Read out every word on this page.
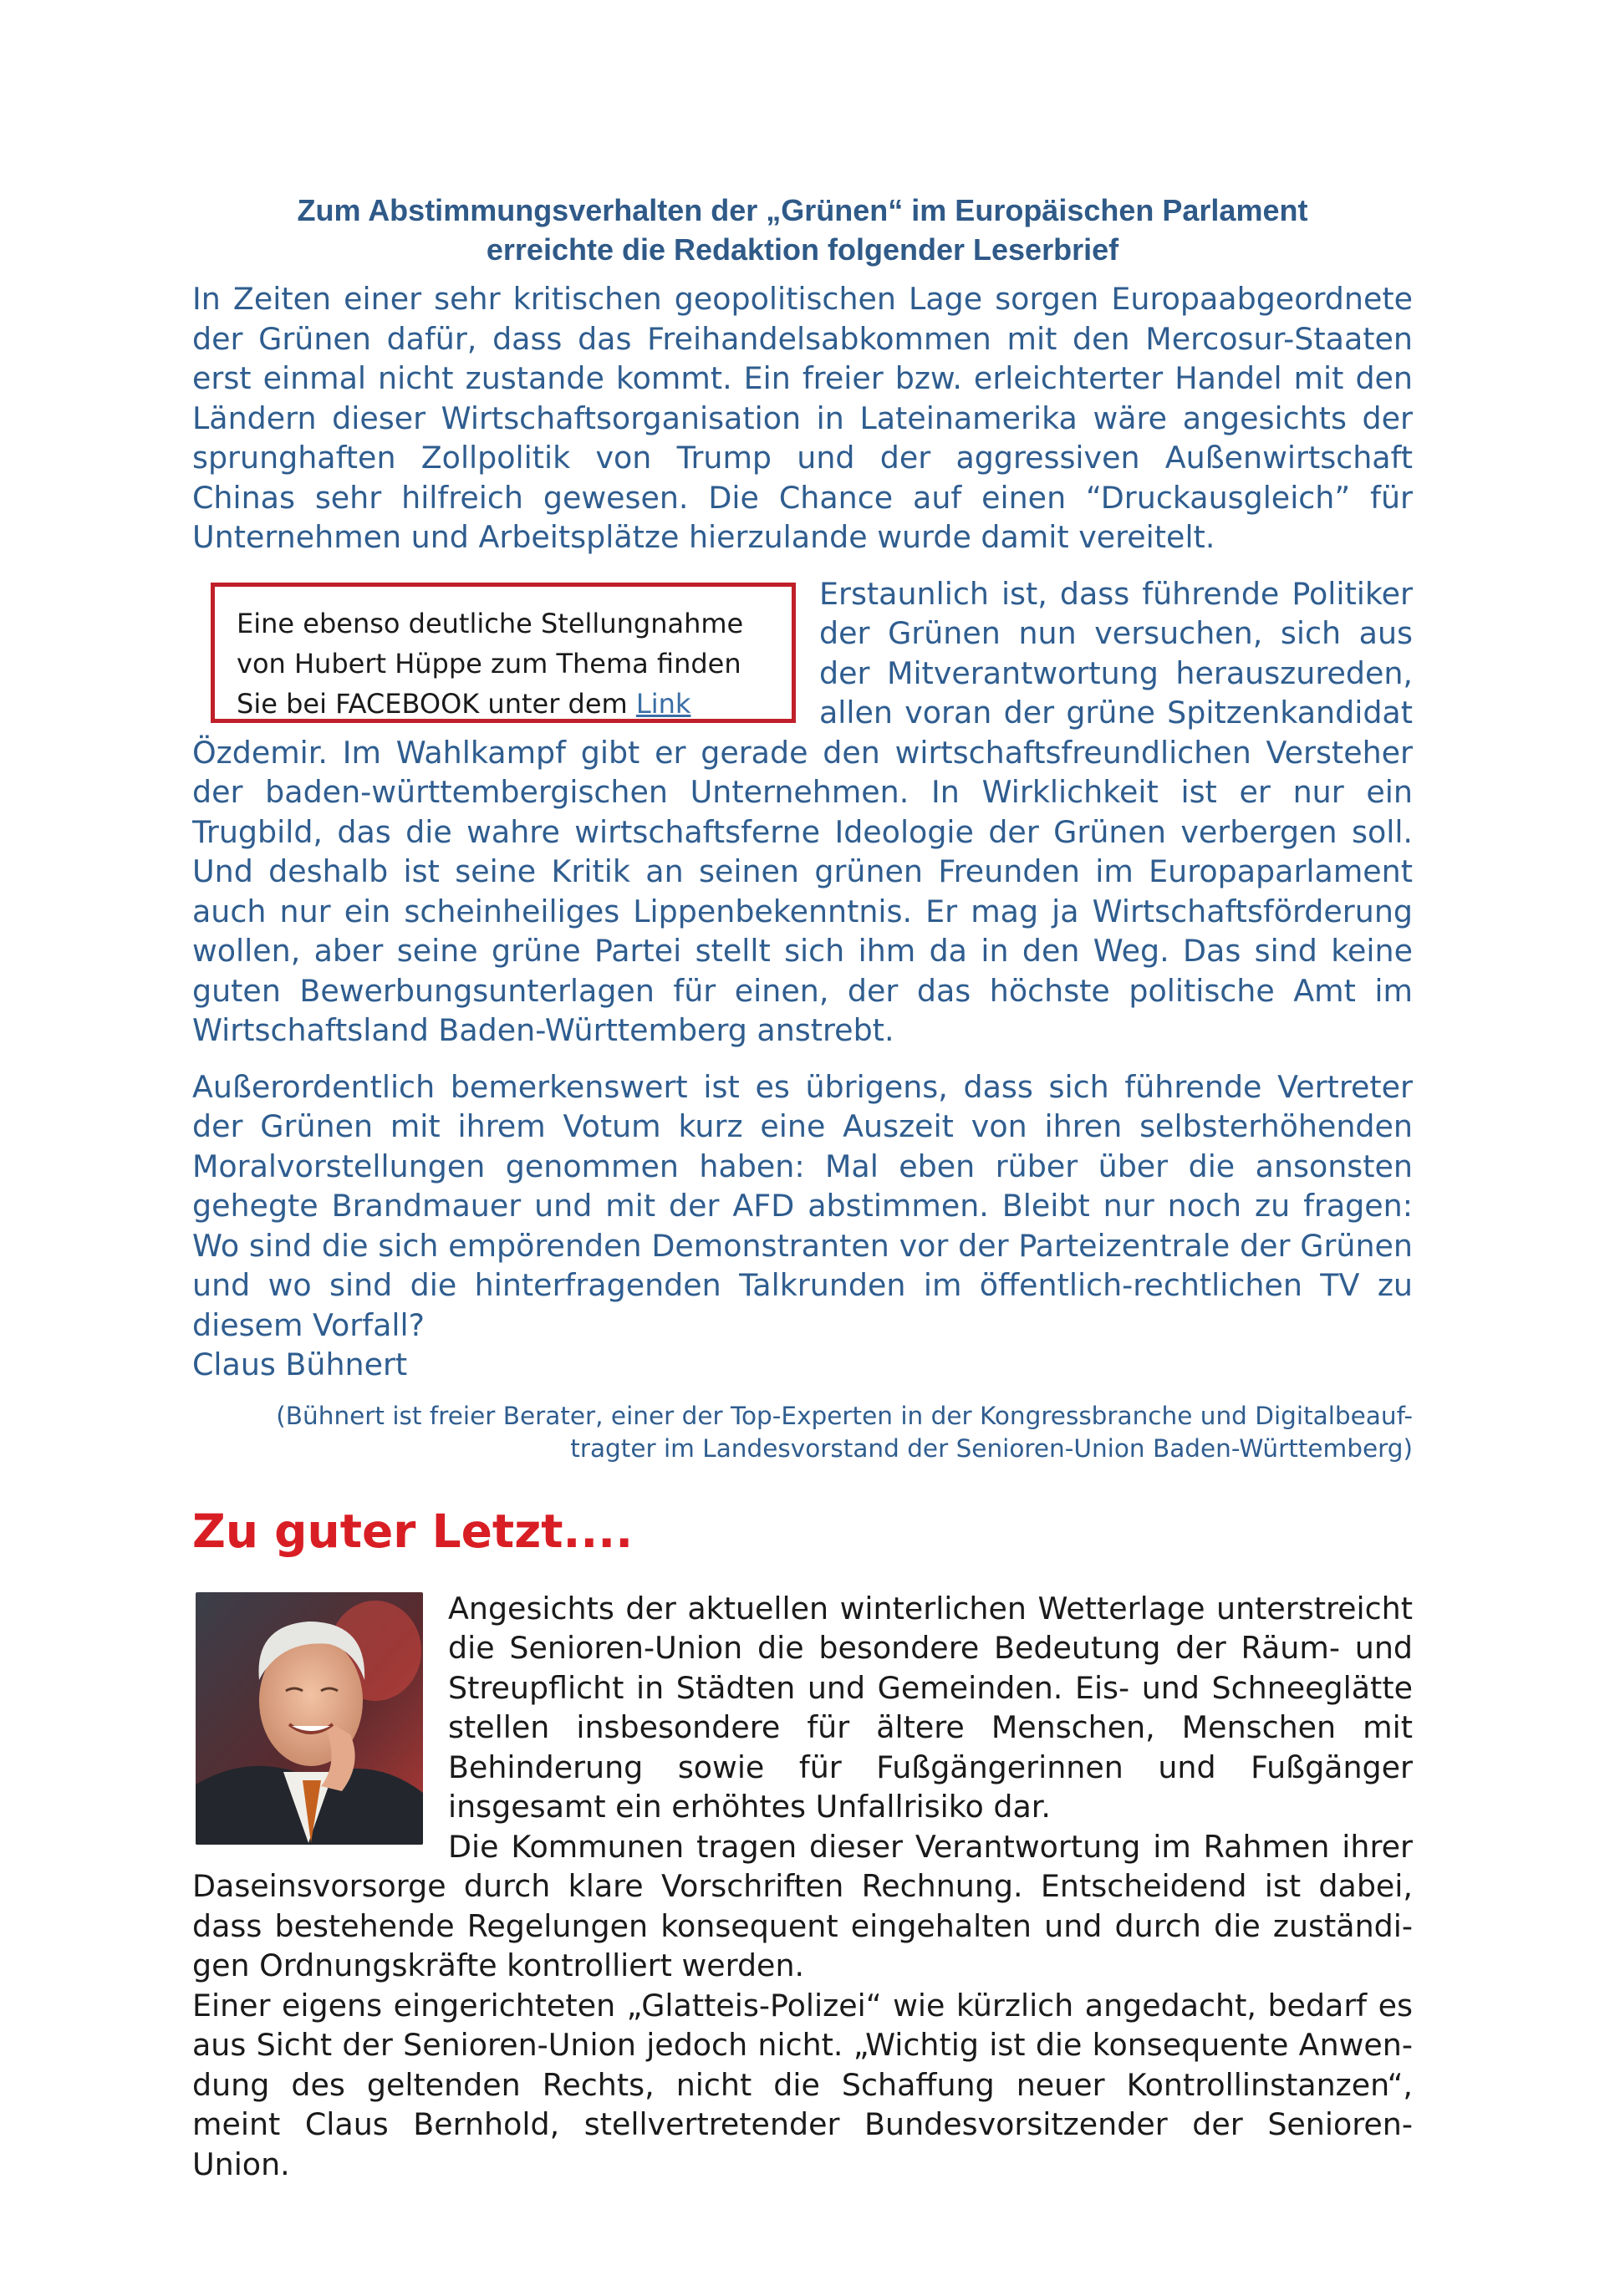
Zum Abstimmungsverhalten der „Grünen“ im Europäischen Parlament
erreichte die Redaktion folgender Leserbrief

In Zeiten einer sehr kritischen geopolitischen Lage sorgen Europaabgeordnete der Grünen dafür, dass das Freihandelsabkommen mit den Mercosur-Staaten erst einmal nicht zustande kommt. Ein freier bzw. erleichterter Handel mit den Ländern dieser Wirtschaftsorganisation in Lateinamerika wäre angesichts der sprunghaften Zollpolitik von Trump und der aggressiven Außenwirtschaft Chinas sehr hilfreich gewesen. Die Chance auf einen “Druckausgleich” für Unternehmen und Arbeitsplätze hierzulande wurde damit vereitelt.

Eine ebenso deutliche Stellungnahme von Hubert Hüppe zum Thema finden Sie bei FACEBOOK unter dem Link

Erstaunlich ist, dass führende Politiker der Grünen nun versuchen, sich aus der Mitverantwortung herauszureden, allen voran der grüne Spitzenkandidat Özdemir. Im Wahlkampf gibt er gerade den wirtschaftsfreundlichen Versteher der baden-württembergischen Unternehmen. In Wirklichkeit ist er nur ein Trugbild, das die wahre wirtschaftsferne Ideologie der Grünen verbergen soll. Und deshalb ist seine Kritik an seinen grünen Freunden im Europaparlament auch nur ein scheinheiliges Lippenbekenntnis. Er mag ja Wirtschaftsförderung wollen, aber seine grüne Partei stellt sich ihm da in den Weg. Das sind keine guten Bewerbungsunterlagen für einen, der das höchste politische Amt im Wirtschaftsland Baden-Württemberg anstrebt.

Außerordentlich bemerkenswert ist es übrigens, dass sich führende Vertreter der Grünen mit ihrem Votum kurz eine Auszeit von ihren selbsterhöhenden Moralvorstellungen genommen haben: Mal eben rüber über die ansonsten gehegte Brandmauer und mit der AFD abstimmen. Bleibt nur noch zu fragen: Wo sind die sich empörenden Demonstranten vor der Parteizentrale der Grünen und wo sind die hinterfragenden Talkrunden im öffentlich-rechtlichen TV zu diesem Vorfall?

Claus Bühnert

(Bühnert ist freier Berater, einer der Top-Experten in der Kongressbranche und Digitalbeauf-
tragter im Landesvorstand der Senioren-Union Baden-Württemberg)

Zu guter Letzt....

Angesichts der aktuellen winterlichen Wetterlage unterstreicht die Senioren-Union die besondere Bedeutung der Räum- und Streupflicht in Städten und Gemeinden. Eis- und Schneeglätte stellen insbesondere für ältere Menschen, Menschen mit Behinderung sowie für Fußgängerinnen und Fußgänger insgesamt ein erhöhtes Unfallrisiko dar.

Die Kommunen tragen dieser Verantwortung im Rahmen ihrer Daseinsvorsorge durch klare Vorschriften Rechnung. Entscheidend ist dabei, dass bestehende Regelungen konsequent eingehalten und durch die zuständigen Ordnungskräfte kontrolliert werden.

Einer eigens eingerichteten „Glatteis-Polizei“ wie kürzlich angedacht, bedarf es aus Sicht der Senioren-Union jedoch nicht. „Wichtig ist die konsequente Anwendung des geltenden Rechts, nicht die Schaffung neuer Kontrollinstanzen“, meint Claus Bernhold, stellvertretender Bundesvorsitzender der Senioren-Union.
